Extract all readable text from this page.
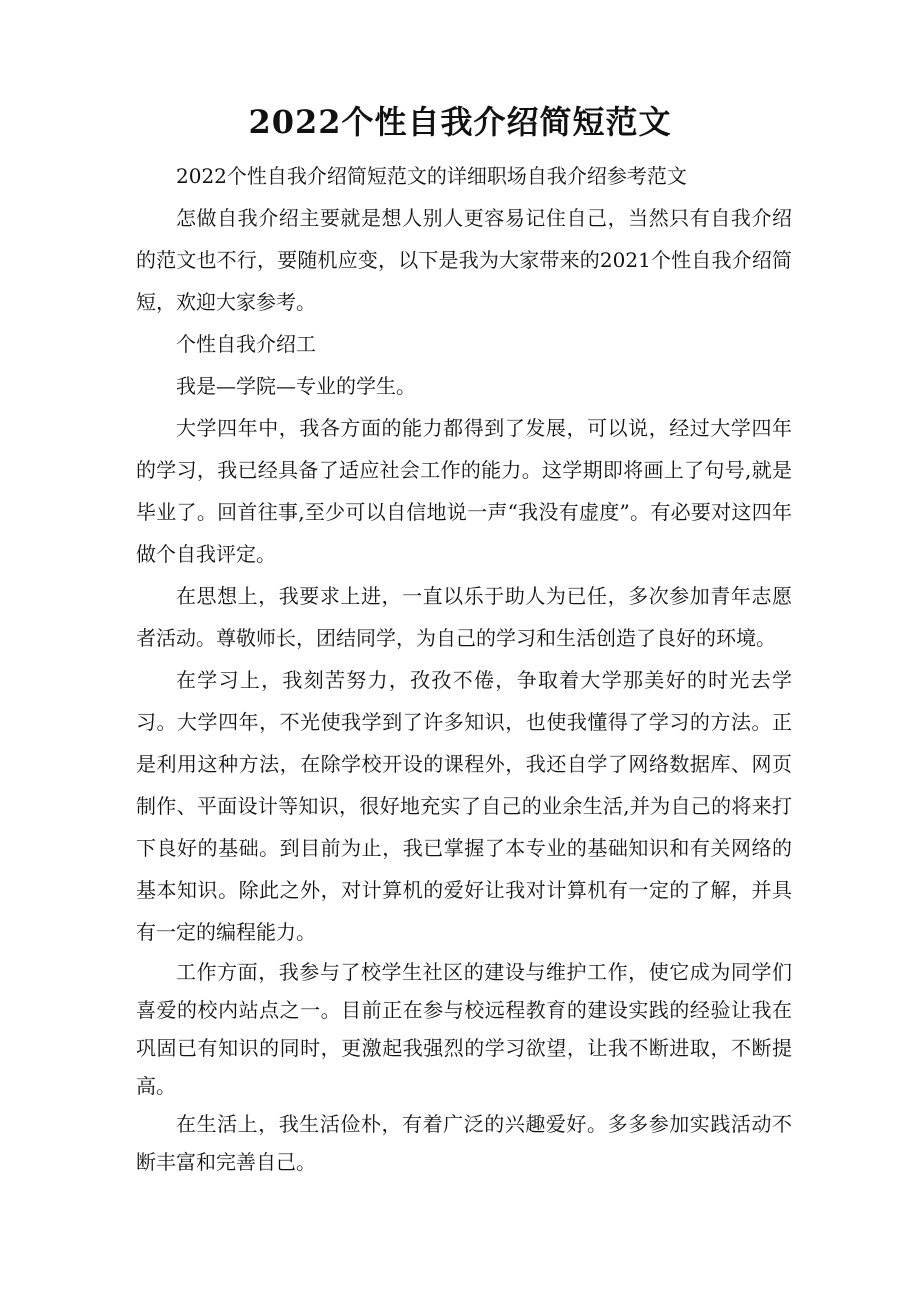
2022个性自我介绍简短范文

2022个性自我介绍简短范文的详细职场自我介绍参考范文

怎做自我介绍主要就是想人别人更容易记住自己，当然只有自我介绍的范文也不行，要随机应变，以下是我为大家带来的2021个性自我介绍简短，欢迎大家参考。

个性自我介绍工

我是—学院—专业的学生。

大学四年中，我各方面的能力都得到了发展，可以说，经过大学四年的学习，我已经具备了适应社会工作的能力。这学期即将画上了句号,就是毕业了。回首往事,至少可以自信地说一声“我没有虚度”。有必要对这四年做个自我评定。

在思想上，我要求上进，一直以乐于助人为已任，多次参加青年志愿者活动。尊敬师长，团结同学，为自己的学习和生活创造了良好的环境。

在学习上，我刻苦努力，孜孜不倦，争取着大学那美好的时光去学习。大学四年，不光使我学到了许多知识，也使我懂得了学习的方法。正是利用这种方法，在除学校开设的课程外，我还自学了网络数据库、网页制作、平面设计等知识，很好地充实了自己的业余生活,并为自己的将来打下良好的基础。到目前为止，我已掌握了本专业的基础知识和有关网络的基本知识。除此之外，对计算机的爱好让我对计算机有一定的了解，并具有一定的编程能力。

工作方面，我参与了校学生社区的建设与维护工作，使它成为同学们喜爱的校内站点之一。目前正在参与校远程教育的建设实践的经验让我在巩固已有知识的同时，更激起我强烈的学习欲望，让我不断进取，不断提高。

在生活上，我生活俭朴，有着广泛的兴趣爱好。多多参加实践活动不断丰富和完善自己。
